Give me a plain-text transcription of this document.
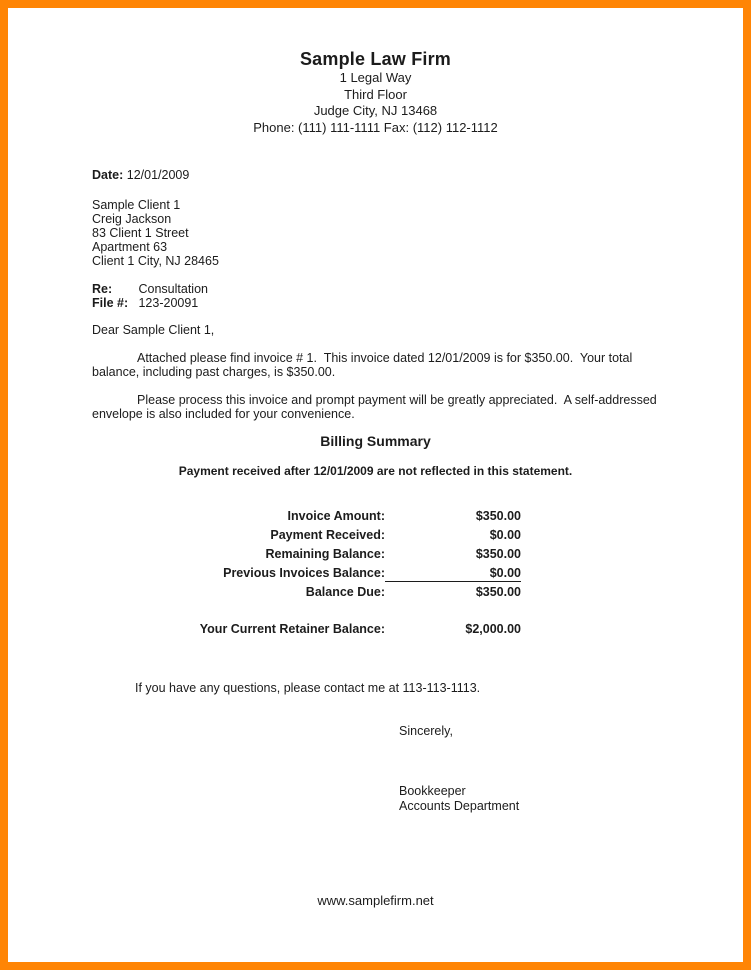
Sample Law Firm
1 Legal Way
Third Floor
Judge City, NJ 13468
Phone: (111) 111-1111 Fax: (112) 112-1112
Date: 12/01/2009
Sample Client 1
Creig Jackson
83 Client 1 Street
Apartment 63
Client 1 City, NJ 28465
Re: Consultation
File #: 123-20091
Dear Sample Client 1,
Attached please find invoice # 1.  This invoice dated 12/01/2009 is for $350.00.  Your total balance, including past charges, is $350.00.
Please process this invoice and prompt payment will be greatly appreciated.  A self-addressed envelope is also included for your convenience.
Billing Summary
Payment received after 12/01/2009 are not reflected in this statement.
Invoice Amount:	$350.00
Payment Received:	$0.00
Remaining Balance:	$350.00
Previous Invoices Balance:	$0.00
Balance Due:	$350.00
Your Current Retainer Balance:	$2,000.00
If you have any questions, please contact me at 113-113-1113.
Sincerely,
Bookkeeper
Accounts Department
www.samplefirm.net
